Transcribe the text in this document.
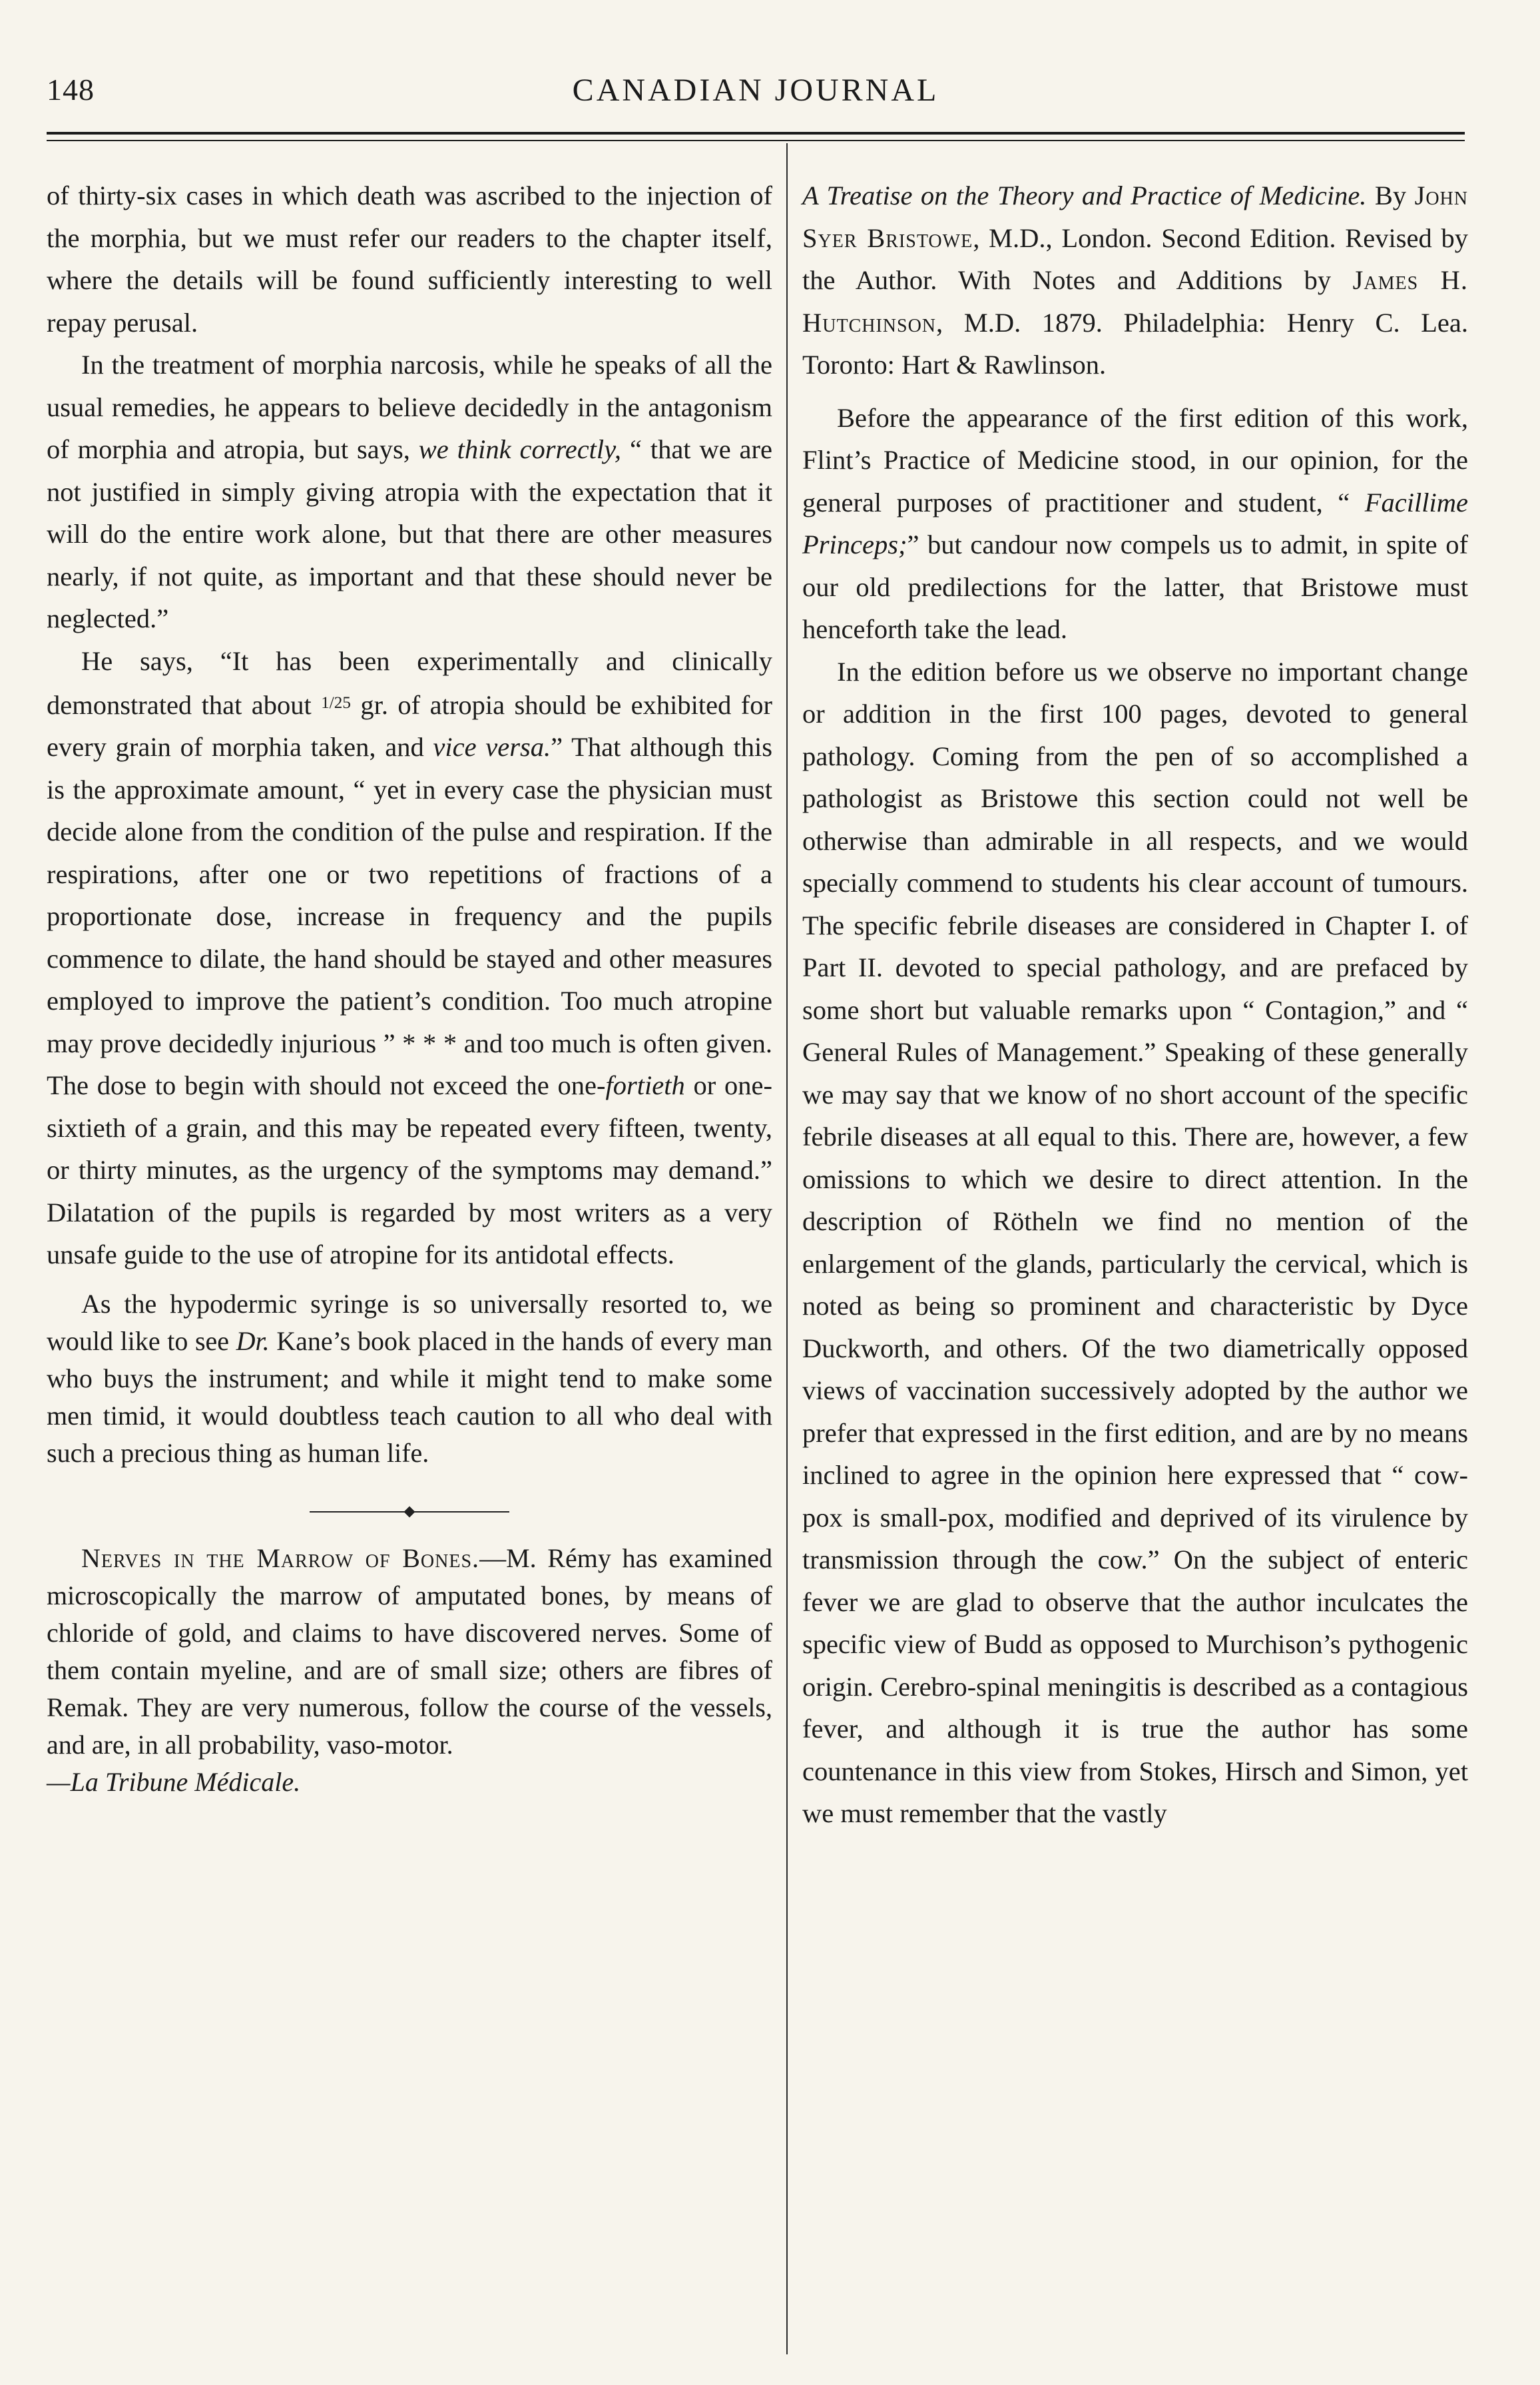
148	CANADIAN JOURNAL

of thirty-six cases in which death was ascribed to the injection of the morphia, but we must refer our readers to the chapter itself, where the details will be found sufficiently interesting to well repay perusal.

In the treatment of morphia narcosis, while he speaks of all the usual remedies, he appears to believe decidedly in the antagonism of morphia and atropia, but says, we think correctly, “ that we are not justified in simply giving atropia with the expectation that it will do the entire work alone, but that there are other measures nearly, if not quite, as important and that these should never be neglected.”

He says, “It has been experimentally and clinically demonstrated that about $^{1/25}$ gr. of atropia should be exhibited for every grain of morphia taken, and vice versa.” That although this is the approximate amount, “ yet in every case the physician must decide alone from the condition of the pulse and respiration. If the respirations, after one or two repetitions of fractions of a proportionate dose, increase in frequency and the pupils commence to dilate, the hand should be stayed and other measures employed to improve the patient’s condition. Too much atropine may prove decidedly injurious ” * * * and too much is often given. The dose to begin with should not exceed the one-fortieth or one-sixtieth of a grain, and this may be repeated every fifteen, twenty, or thirty minutes, as the urgency of the symptoms may demand.” Dilatation of the pupils is regarded by most writers as a very unsafe guide to the use of atropine for its antidotal effects.

As the hypodermic syringe is so universally resorted to, we would like to see Dr. Kane’s book placed in the hands of every man who buys the instrument; and while it might tend to make some men timid, it would doubtless teach caution to all who deal with such a precious thing as human life.

Nerves in the Marrow of Bones.—M. Rémy has examined microscopically the marrow of amputated bones, by means of chloride of gold, and claims to have discovered nerves. Some of them contain myeline, and are of small size; others are fibres of Remak. They are very numerous, follow the course of the vessels, and are, in all probability, vaso-motor.
—La Tribune Médicale.

A Treatise on the Theory and Practice of Medicine. By John Syer Bristowe, M.D., London. Second Edition. Revised by the Author. With Notes and Additions by James H. Hutchinson, M.D. 1879. Philadelphia: Henry C. Lea. Toronto: Hart & Rawlinson.

Before the appearance of the first edition of this work, Flint’s Practice of Medicine stood, in our opinion, for the general purposes of practitioner and student, “ Facillime Princeps;” but candour now compels us to admit, in spite of our old predilections for the latter, that Bristowe must henceforth take the lead.

In the edition before us we observe no important change or addition in the first 100 pages, devoted to general pathology. Coming from the pen of so accomplished a pathologist as Bristowe this section could not well be otherwise than admirable in all respects, and we would specially commend to students his clear account of tumours. The specific febrile diseases are considered in Chapter I. of Part II. devoted to special pathology, and are prefaced by some short but valuable remarks upon “ Contagion,” and “ General Rules of Management.” Speaking of these generally we may say that we know of no short account of the specific febrile diseases at all equal to this. There are, however, a few omissions to which we desire to direct attention. In the description of Rötheln we find no mention of the enlargement of the glands, particularly the cervical, which is noted as being so prominent and characteristic by Dyce Duckworth, and others. Of the two diametrically opposed views of vaccination successively adopted by the author we prefer that expressed in the first edition, and are by no means inclined to agree in the opinion here expressed that “ cow-pox is small-pox, modified and deprived of its virulence by transmission through the cow.” On the subject of enteric fever we are glad to observe that the author inculcates the specific view of Budd as opposed to Murchison’s pythogenic origin. Cerebro-spinal meningitis is described as a contagious fever, and although it is true the author has some countenance in this view from Stokes, Hirsch and Simon, yet we must remember that the vastly
